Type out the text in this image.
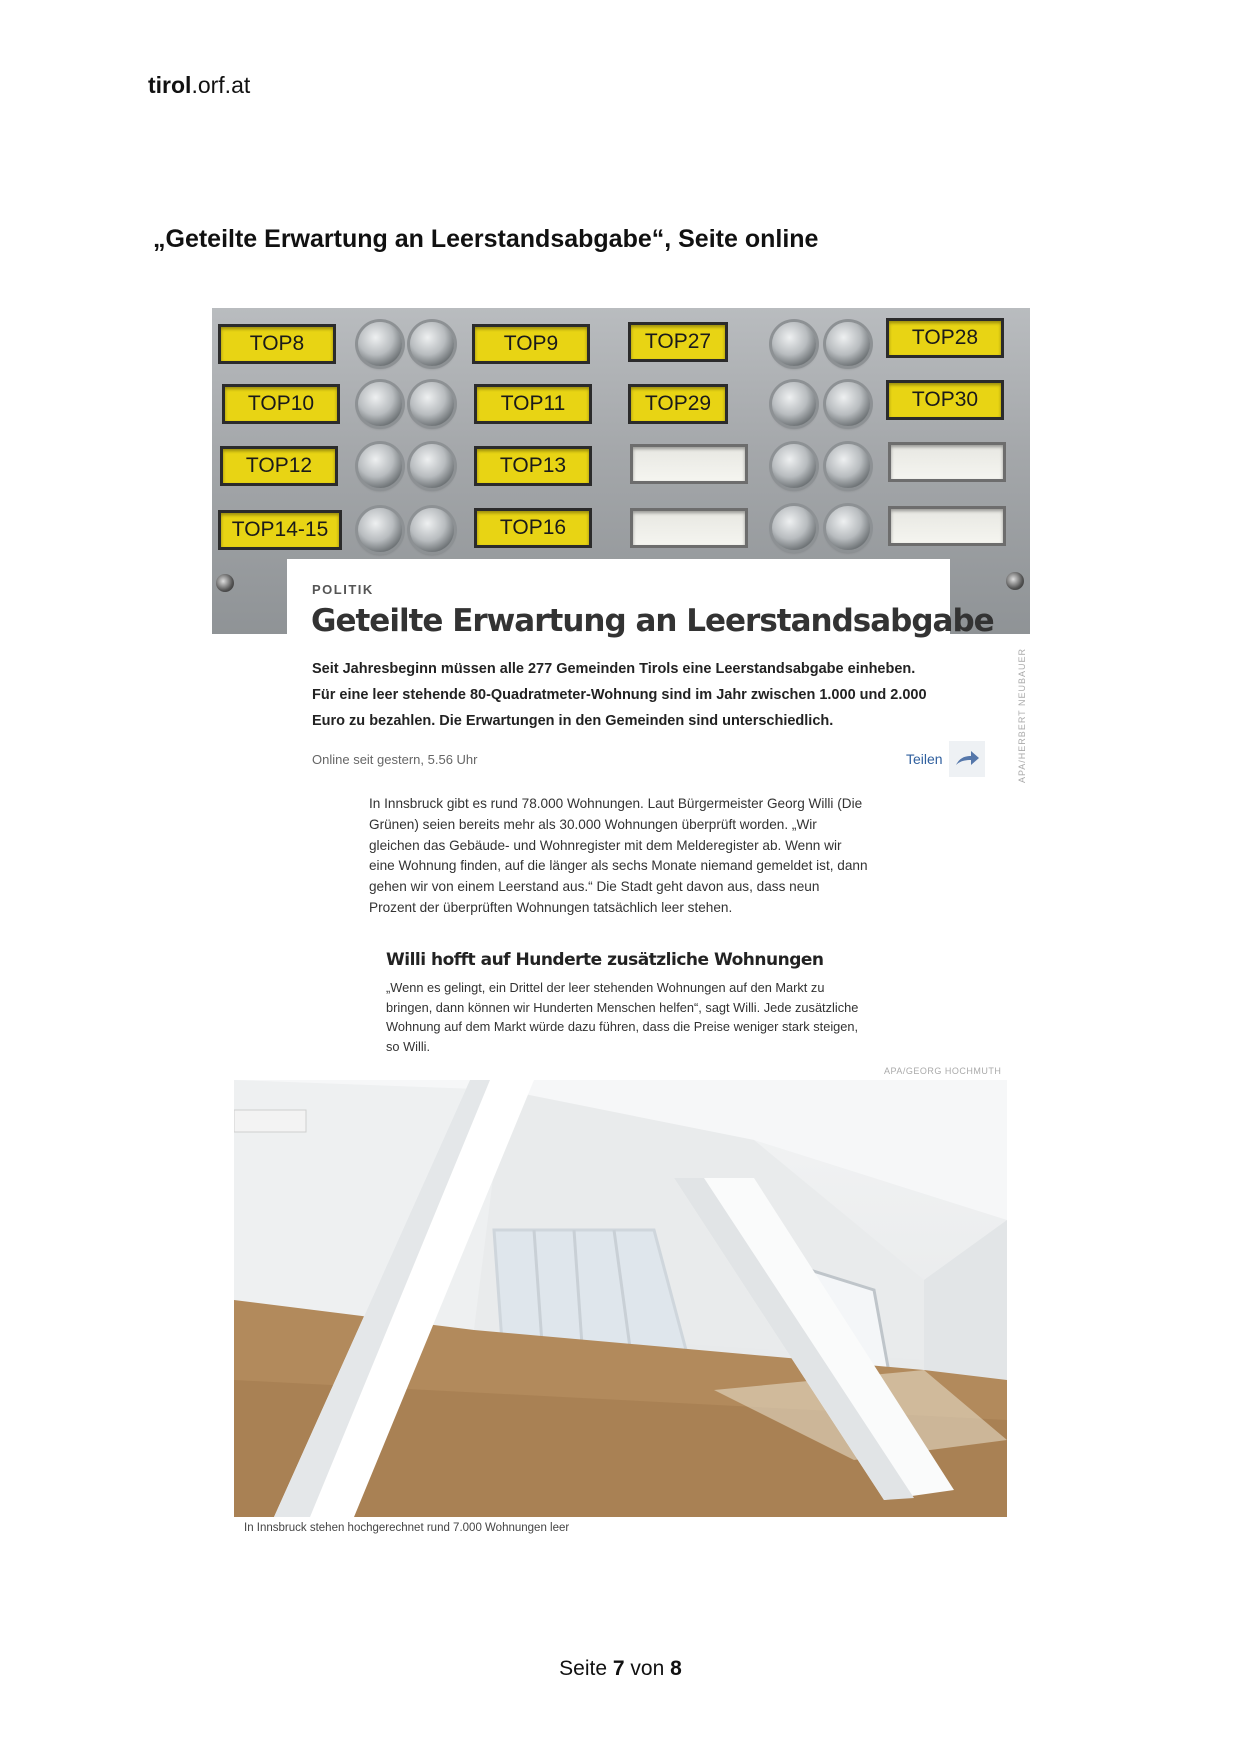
tirol.orf.at
„Geteilte Erwartung an Leerstandsabgabe“, Seite online
TOP8	TOP9	TOP27	TOP28
TOP10	TOP11	TOP29	TOP30
TOP12	TOP13
TOP14-15	TOP16
POLITIK
Geteilte Erwartung an Leerstandsabgabe
Seit Jahresbeginn müssen alle 277 Gemeinden Tirols eine Leerstandsabgabe einheben. Für eine leer stehende 80-Quadratmeter-Wohnung sind im Jahr zwischen 1.000 und 2.000 Euro zu bezahlen. Die Erwartungen in den Gemeinden sind unterschiedlich.
Online seit gestern, 5.56 Uhr	Teilen	APA/HERBERT NEUBAUER
In Innsbruck gibt es rund 78.000 Wohnungen. Laut Bürgermeister Georg Willi (Die Grünen) seien bereits mehr als 30.000 Wohnungen überprüft worden. „Wir gleichen das Gebäude- und Wohnregister mit dem Melderegister ab. Wenn wir eine Wohnung finden, auf die länger als sechs Monate niemand gemeldet ist, dann gehen wir von einem Leerstand aus.“ Die Stadt geht davon aus, dass neun Prozent der überprüften Wohnungen tatsächlich leer stehen.
Willi hofft auf Hunderte zusätzliche Wohnungen
„Wenn es gelingt, ein Drittel der leer stehenden Wohnungen auf den Markt zu bringen, dann können wir Hunderten Menschen helfen“, sagt Willi. Jede zusätzliche Wohnung auf dem Markt würde dazu führen, dass die Preise weniger stark steigen, so Willi.
APA/GEORG HOCHMUTH
In Innsbruck stehen hochgerechnet rund 7.000 Wohnungen leer
Seite 7 von 8
